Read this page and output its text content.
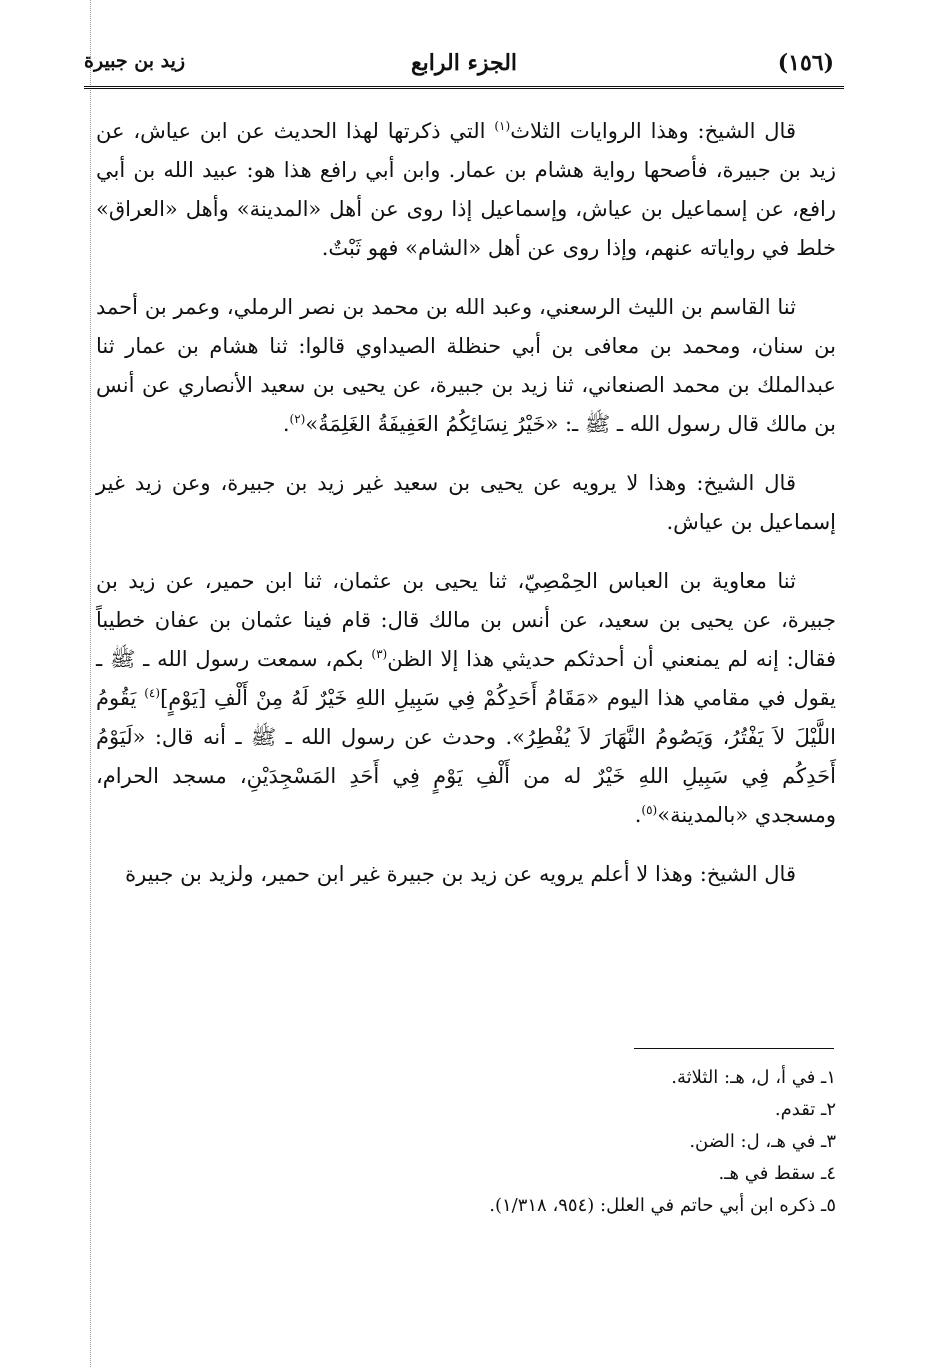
(١٥٦)
الجزء الرابع
زيد بن جبيرة

قال الشيخ: وهذا الروايات الثلاث$^{(١)}$ التي ذكرتها لهذا الحديث عن ابن عياش، عن زيد بن جبيرة، فأصحها رواية هشام بن عمار. وابن أبي رافع هذا هو: عبيد الله بن أبي رافع، عن إسماعيل بن عياش، وإسماعيل إذا روى عن أهل «المدينة» وأهل «العراق» خلط في رواياته عنهم، وإذا روى عن أهل «الشام» فهو ثَبْتٌ.

ثنا القاسم بن الليث الرسعني، وعبد الله بن محمد بن نصر الرملي، وعمر بن أحمد بن سنان، ومحمد بن معافى بن أبي حنظلة الصيداوي قالوا: ثنا هشام بن عمار ثنا عبدالملك بن محمد الصنعاني، ثنا زيد بن جبيرة، عن يحيى بن سعيد الأنصاري عن أنس بن مالك قال رسول الله ـ ﷺ ـ: «خَيْرُ نِسَائِكُمُ العَفِيفَةُ الغَلِمَةُ»$^{(٢)}$.

قال الشيخ: وهذا لا يرويه عن يحيى بن سعيد غير زيد بن جبيرة، وعن زيد غير إسماعيل بن عياش.

ثنا معاوية بن العباس الحِمْصِيّ، ثنا يحيى بن عثمان، ثنا ابن حمير، عن زيد بن جبيرة، عن يحيى بن سعيد، عن أنس بن مالك قال: قام فينا عثمان بن عفان خطيباً فقال: إنه لم يمنعني أن أحدثكم حديثي هذا إلا الظن$^{(٣)}$ بكم، سمعت رسول الله ـ ﷺ ـ يقول في مقامي هذا اليوم «مَقَامُ أَحَدِكُمْ فِي سَبِيلِ اللهِ خَيْرٌ لَهُ مِنْ أَلْفِ [يَوْمٍ]$^{(٤)}$ يَقُومُ اللَّيْلَ لاَ يَفْتُرُ، وَيَصُومُ النَّهَارَ لاَ يُفْطِرُ». وحدث عن رسول الله ـ ﷺ ـ أنه قال: «لَيَوْمُ أَحَدِكُم فِي سَبِيلِ اللهِ خَيْرٌ له من أَلْفِ يَوْمٍ فِي أَحَدِ المَسْجِدَيْنِ، مسجد الحرام، ومسجدي «بالمدينة»$^{(٥)}$.

قال الشيخ: وهذا لا أعلم يرويه عن زيد بن جبيرة غير ابن حمير، ولزيد بن جبيرة

١ـ في أ، ل، هـ: الثلاثة.
٢ـ تقدم.
٣ـ في هـ، ل: الضن.
٤ـ سقط في هـ.
٥ـ ذكره ابن أبي حاتم في العلل: (٩٥٤، ١/٣١٨).
